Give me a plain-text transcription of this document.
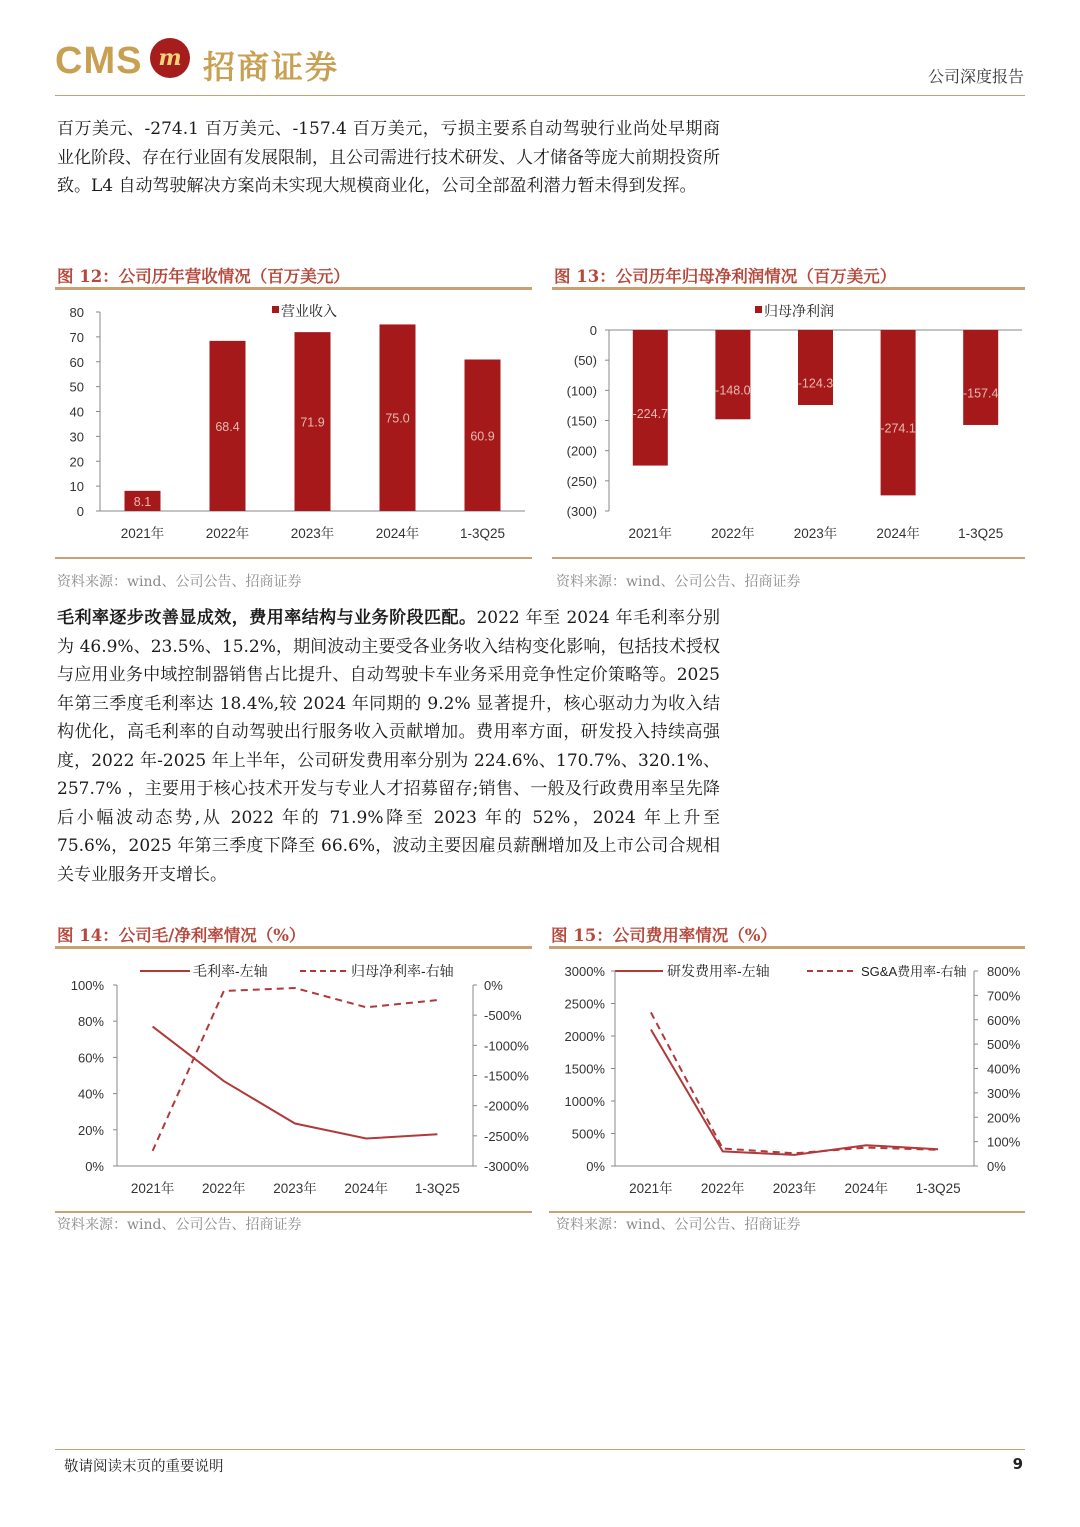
CMS m 招商证券	公司深度报告

百万美元、-274.1 百万美元、-157.4 百万美元，亏损主要系自动驾驶行业尚处早期商业化阶段、存在行业固有发展限制，且公司需进行技术研发、人才储备等庞大前期投资所致。L4 自动驾驶解决方案尚未实现大规模商业化，公司全部盈利潜力暂未得到发挥。

图 12：公司历年营收情况（百万美元）	图 13：公司历年归母净利润情况（百万美元）
营业收入
0
10
20
30
40
50
60
70
80
8.1
2021年
68.4
2022年
71.9
2023年
75.0
2024年
60.9
1-3Q25
资料来源：wind、公司公告、招商证券
归母净利润
0
(50)
(100)
(150)
(200)
(250)
(300)
-224.7
2021年
-148.0
2022年
-124.3
2023年
-274.1
2024年
-157.4
1-3Q25
资料来源：wind、公司公告、招商证券

毛利率逐步改善显成效，费用率结构与业务阶段匹配。2022 年至 2024 年毛利率分别为 46.9%、23.5%、15.2%，期间波动主要受各业务收入结构变化影响，包括技术授权与应用业务中域控制器销售占比提升、自动驾驶卡车业务采用竞争性定价策略等。2025 年第三季度毛利率达 18.4%,较 2024 年同期的 9.2% 显著提升，核心驱动力为收入结构优化，高毛利率的自动驾驶出行服务收入贡献增加。费用率方面，研发投入持续高强度，2022 年-2025 年上半年，公司研发费用率分别为 224.6%、170.7%、320.1%、257.7% ，主要用于核心技术开发与专业人才招募留存;销售、一般及行政费用率呈先降后小幅波动态势,从 2022 年的 71.9%降至 2023 年的 52%，2024 年上升至 75.6%，2025 年第三季度下降至 66.6%，波动主要因雇员薪酬增加及上市公司合规相关专业服务开支增长。

图 14：公司毛/净利率情况（%）	图 15：公司费用率情况（%）
毛利率-左轴	归母净利率-右轴
100%
80%
60%
40%
20%
0%
0%
-500%
-1000%
-1500%
-2000%
-2500%
-3000%
2021年 2022年 2023年 2024年 1-3Q25
资料来源：wind、公司公告、招商证券
研发费用率-左轴	SG&A费用率-右轴
3000%
2500%
2000%
1500%
1000%
500%
0%
800%
700%
600%
500%
400%
300%
200%
100%
0%
2021年 2022年 2023年 2024年 1-3Q25
资料来源：wind、公司公告、招商证券
敬请阅读末页的重要说明	9
